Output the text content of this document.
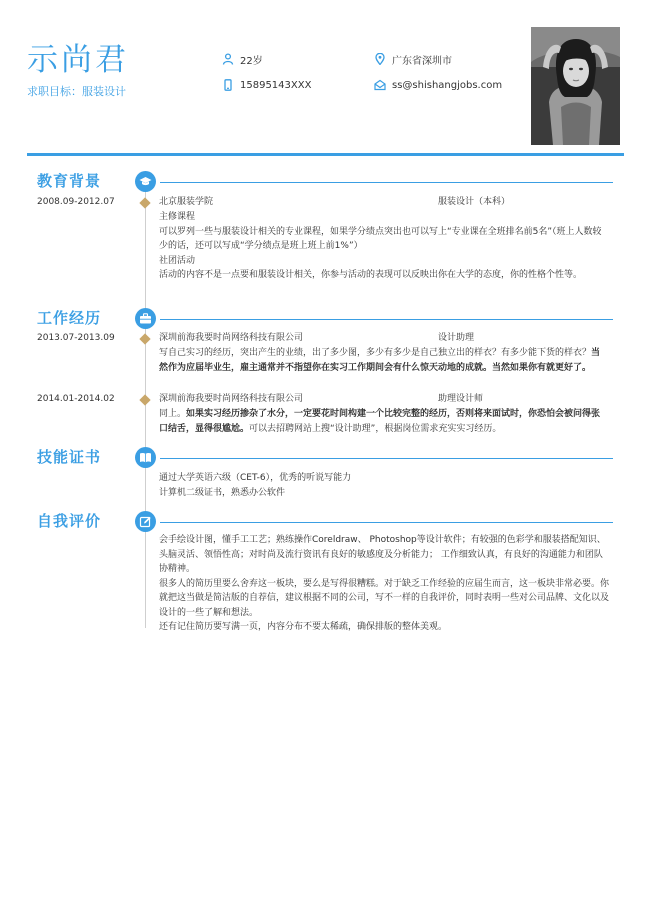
示尚君
求职目标：服装设计
22岁
15895143XXX
广东省深圳市
ss@shishangjobs.com
教育背景
2008.09-2012.07	北京服装学院	服装设计（本科）
主修课程
可以罗列一些与服装设计相关的专业课程，如果学分绩点突出也可以写上“专业课在全班排名前5名”（班上人数较少的话，还可以写成“学分绩点是班上班上前1%”）
社团活动
活动的内容不是一点要和服装设计相关，你参与活动的表现可以反映出你在大学的态度，你的性格个性等。
工作经历
2013.07-2013.09	深圳前海我要时尚网络科技有限公司	设计助理
写自己实习的经历，突出产生的业绩，出了多少图，多少有多少是自己独立出的样衣？有多少能下货的样衣？当然作为应届毕业生，雇主通常并不指望你在实习工作期间会有什么惊天动地的成就。当然如果你有就更好了。
2014.01-2014.02	深圳前海我要时尚网络科技有限公司	助理设计师
同上。如果实习经历掺杂了水分，一定要花时间构建一个比较完整的经历，否则将来面试时，你恐怕会被问得张口结舌，显得很尴尬。可以去招聘网站上搜“设计助理”，根据岗位需求充实实习经历。
技能证书
通过大学英语六级（CET-6），优秀的听说写能力
计算机二级证书，熟悉办公软件
自我评价
会手绘设计图，懂手工工艺；熟练操作Coreldraw、 Photoshop等设计软件；有较强的色彩学和服装搭配知识、头脑灵活、领悟性高；对时尚及流行资讯有良好的敏感度及分析能力； 工作细致认真，有良好的沟通能力和团队协精神。
很多人的简历里要么舍弃这一板块，要么是写得很糟糕。对于缺乏工作经验的应届生而言，这一板块非常必要。你就把这当做是简洁版的自荐信，建议根据不同的公司，写不一样的自我评价，同时表明一些对公司品牌、文化以及设计的一些了解和想法。
还有记住简历要写满一页，内容分布不要太稀疏，确保排版的整体美观。
